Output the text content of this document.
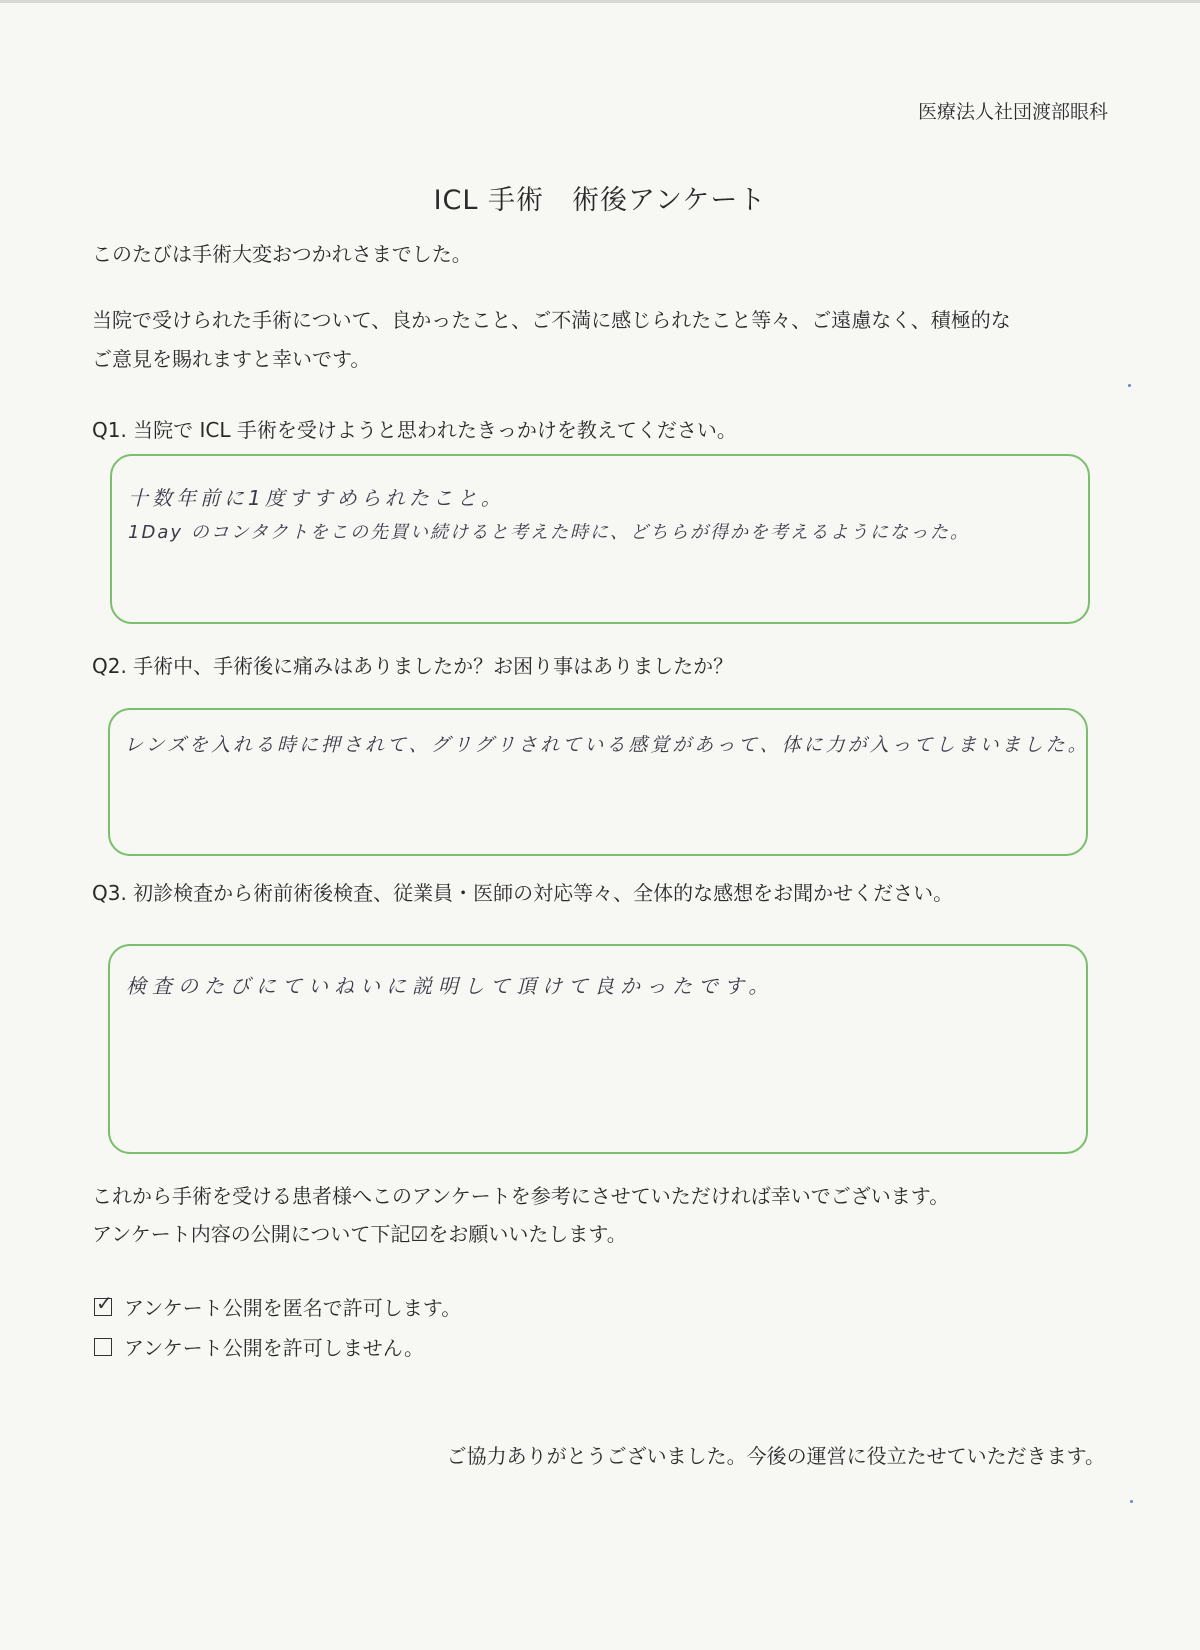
医療法人社団渡部眼科
ICL 手術　術後アンケート
このたびは手術大変おつかれさまでした。
当院で受けられた手術について、良かったこと、ご不満に感じられたこと等々、ご遠慮なく、積極的な
ご意見を賜れますと幸いです。
Q1. 当院で ICL 手術を受けようと思われたきっかけを教えてください。
十数年前に1度すすめられたこと。
1Day のコンタクトをこの先買い続けると考えた時に、どちらが得かを考えるようになった。
Q2. 手術中、手術後に痛みはありましたか？お困り事はありましたか？
レンズを入れる時に押されて、グリグリされている感覚があって、体に力が入ってしまいました。
Q3. 初診検査から術前術後検査、従業員・医師の対応等々、全体的な感想をお聞かせください。
検査のたびにていねいに説明して頂けて良かったです。
これから手術を受ける患者様へこのアンケートを参考にさせていただければ幸いでございます。
アンケート内容の公開について下記☑をお願いいたします。
✓ アンケート公開を匿名で許可します。
アンケート公開を許可しません。
ご協力ありがとうございました。今後の運営に役立たせていただきます。
